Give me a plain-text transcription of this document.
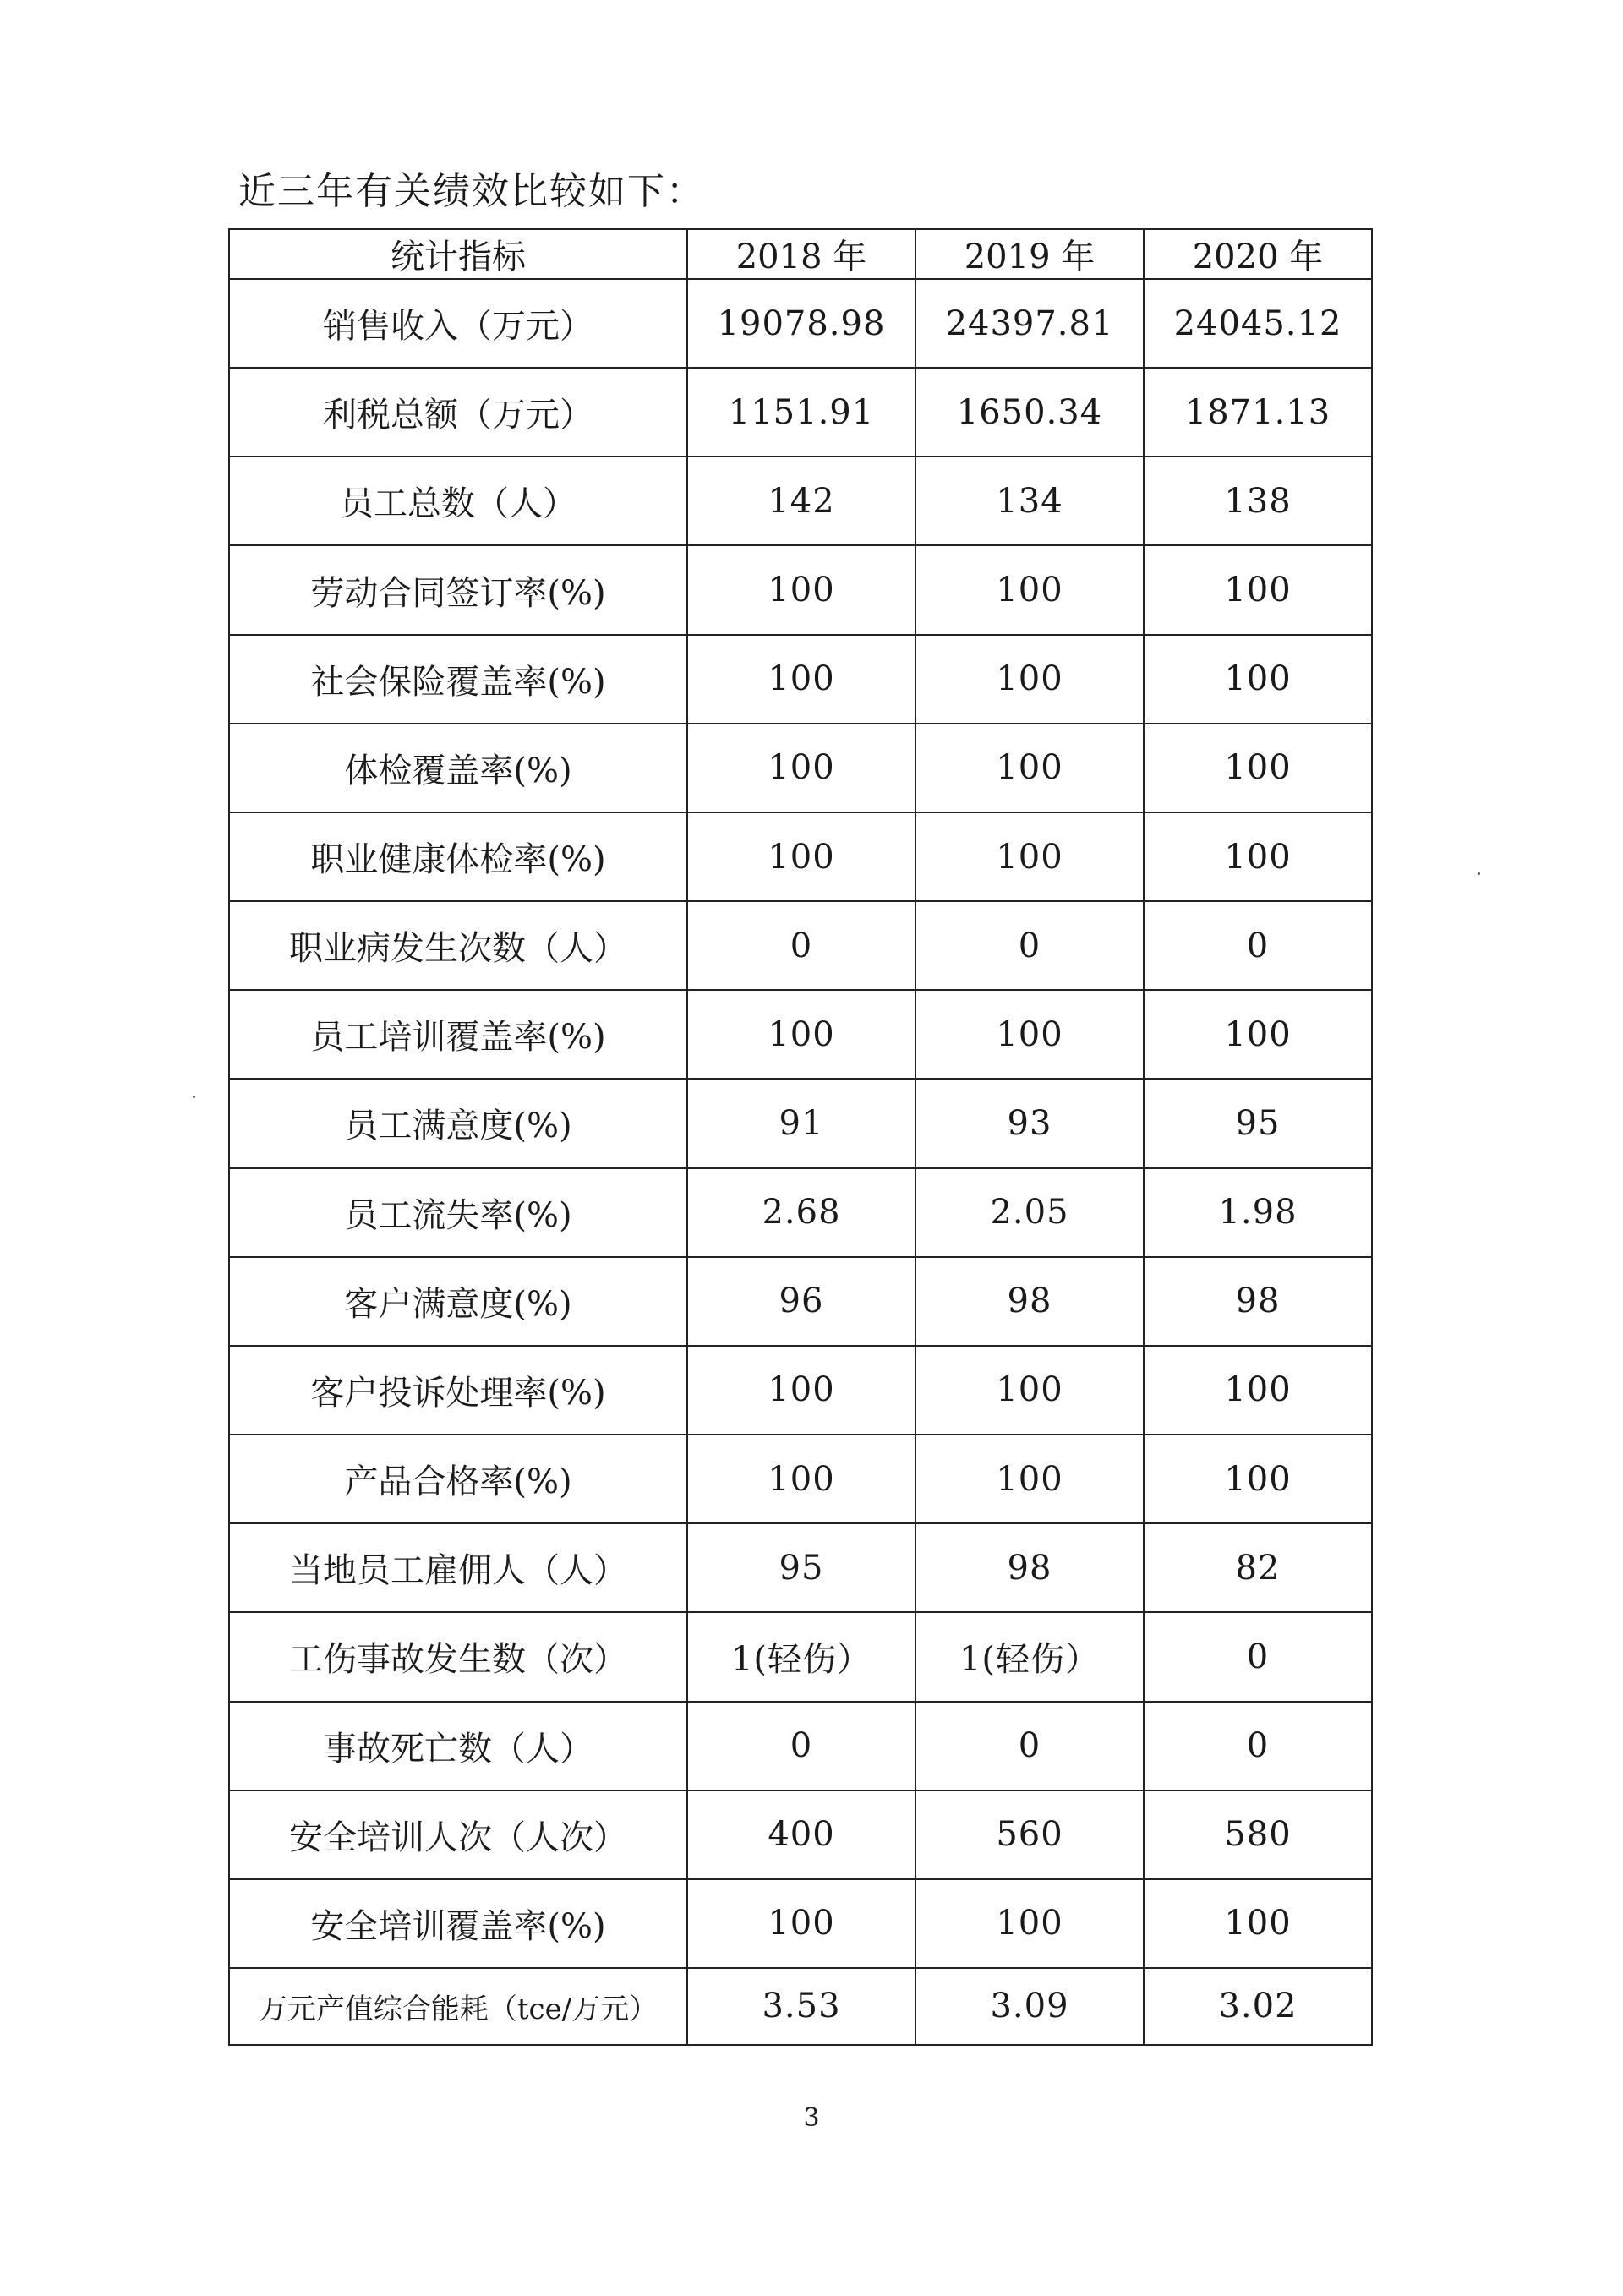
近三年有关绩效比较如下：
统计指标	2018 年	2019 年	2020 年
销售收入（万元）	19078.98	24397.81	24045.12
利税总额（万元）	1151.91	1650.34	1871.13
员工总数（人）	142	134	138
劳动合同签订率(%)	100	100	100
社会保险覆盖率(%)	100	100	100
体检覆盖率(%)	100	100	100
职业健康体检率(%)	100	100	100
职业病发生次数（人）	0	0	0
员工培训覆盖率(%)	100	100	100
员工满意度(%)	91	93	95
员工流失率(%)	2.68	2.05	1.98
客户满意度(%)	96	98	98
客户投诉处理率(%)	100	100	100
产品合格率(%)	100	100	100
当地员工雇佣人（人）	95	98	82
工伤事故发生数（次）	1(轻伤）	1(轻伤）	0
事故死亡数（人）	0	0	0
安全培训人次（人次）	400	560	580
安全培训覆盖率(%)	100	100	100
万元产值综合能耗（tce/万元）	3.53	3.09	3.02
3
